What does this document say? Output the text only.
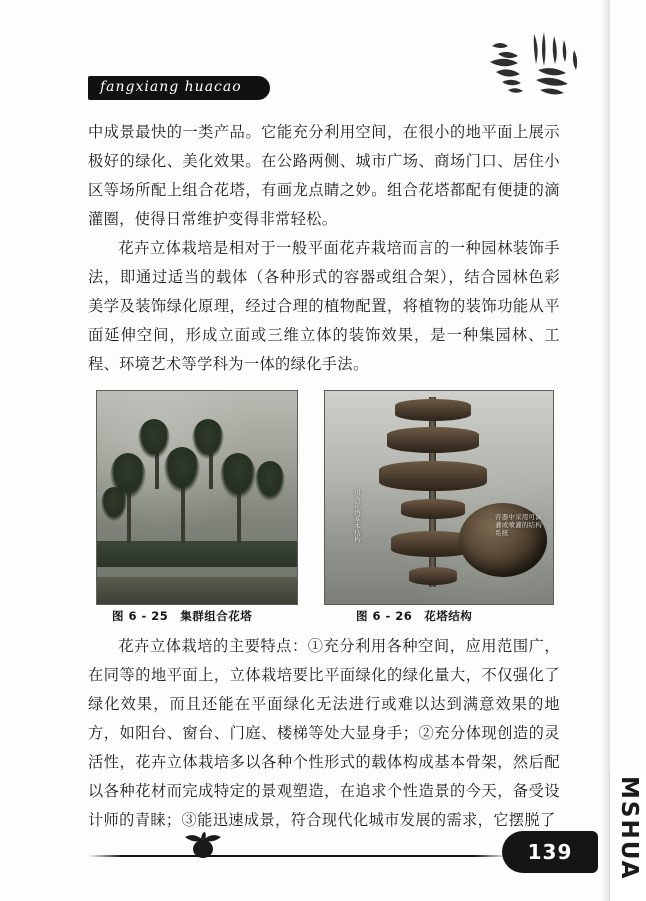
fangxiang huacao

中成景最快的一类产品。它能充分利用空间，在很小的地平面上展示极好的绿化、美化效果。在公路两侧、城市广场、商场门口、居住小区等场所配上组合花塔，有画龙点睛之妙。组合花塔都配有便捷的滴灌圈，使得日常维护变得非常轻松。

花卉立体栽培是相对于一般平面花卉栽培而言的一种园林装饰手法，即通过适当的载体（各种形式的容器或组合架），结合园林色彩美学及装饰绿化原理，经过合理的植物配置，将植物的装饰功能从平面延伸空间，形成立面或三维立体的装饰效果，是一种集园林、工程、环境艺术等学科为一体的绿化手法。

组合花塔基本结构	容器中采用可滴灌或喷灌的结构系统
图 6 - 25　集群组合花塔	图 6 - 26　花塔结构

花卉立体栽培的主要特点：①充分利用各种空间，应用范围广，在同等的地平面上，立体栽培要比平面绿化的绿化量大，不仅强化了绿化效果，而且还能在平面绿化无法进行或难以达到满意效果的地方，如阳台、窗台、门庭、楼梯等处大显身手；②充分体现创造的灵活性，花卉立体栽培多以各种个性形式的载体构成基本骨架，然后配以各种花材而完成特定的景观塑造，在追求个性造景的今天，备受设计师的青睐；③能迅速成景，符合现代化城市发展的需求，它摆脱了

139	MSHUA
